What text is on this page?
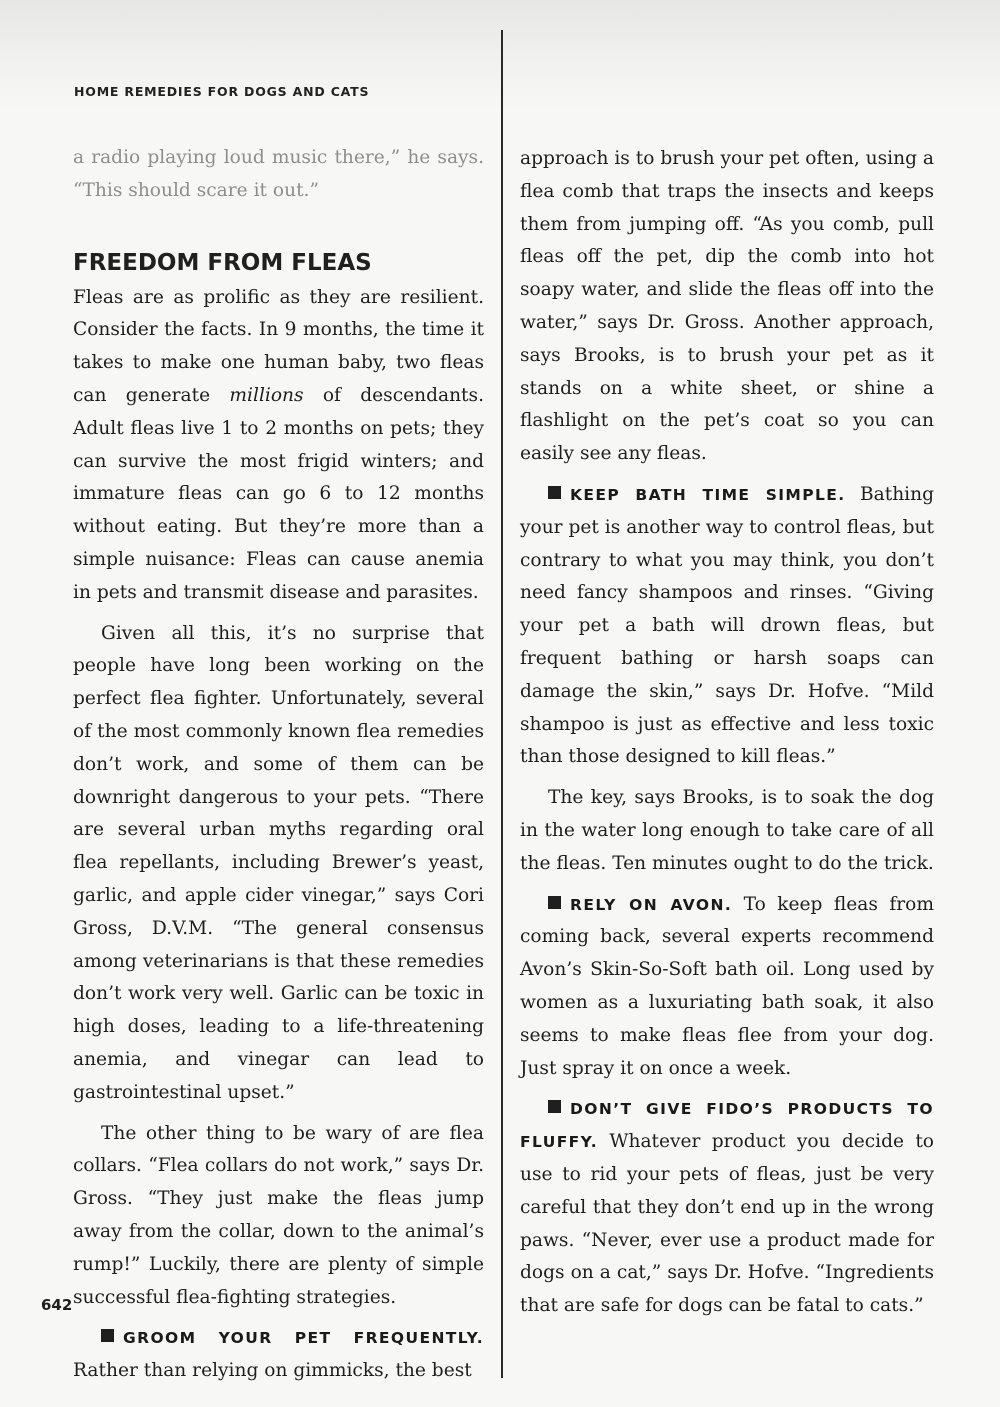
HOME REMEDIES FOR DOGS AND CATS

a radio playing loud music there,” he says. “This should scare it out.”

FREEDOM FROM FLEAS

Fleas are as prolific as they are resilient. Consider the facts. In 9 months, the time it takes to make one human baby, two fleas can generate millions of descendants. Adult fleas live 1 to 2 months on pets; they can survive the most frigid winters; and immature fleas can go 6 to 12 months without eating. But they’re more than a simple nuisance: Fleas can cause anemia in pets and transmit disease and parasites.

Given all this, it’s no surprise that people have long been working on the perfect flea fighter. Unfortunately, several of the most commonly known flea remedies don’t work, and some of them can be downright dangerous to your pets. “There are several urban myths regarding oral flea repellants, including Brewer’s yeast, garlic, and apple cider vinegar,” says Cori Gross, D.V.M. “The general consensus among veterinarians is that these remedies don’t work very well. Garlic can be toxic in high doses, leading to a life-threatening anemia, and vinegar can lead to gastrointestinal upset.”

The other thing to be wary of are flea collars. “Flea collars do not work,” says Dr. Gross. “They just make the fleas jump away from the collar, down to the animal’s rump!” Luckily, there are plenty of simple successful flea-fighting strategies.

GROOM YOUR PET FREQUENTLY. Rather than relying on gimmicks, the best

approach is to brush your pet often, using a flea comb that traps the insects and keeps them from jumping off. “As you comb, pull fleas off the pet, dip the comb into hot soapy water, and slide the fleas off into the water,” says Dr. Gross. Another approach, says Brooks, is to brush your pet as it stands on a white sheet, or shine a flashlight on the pet’s coat so you can easily see any fleas.

KEEP BATH TIME SIMPLE. Bathing your pet is another way to control fleas, but contrary to what you may think, you don’t need fancy shampoos and rinses. “Giving your pet a bath will drown fleas, but frequent bathing or harsh soaps can damage the skin,” says Dr. Hofve. “Mild shampoo is just as effective and less toxic than those designed to kill fleas.”

The key, says Brooks, is to soak the dog in the water long enough to take care of all the fleas. Ten minutes ought to do the trick.

RELY ON AVON. To keep fleas from coming back, several experts recommend Avon’s Skin-So-Soft bath oil. Long used by women as a luxuriating bath soak, it also seems to make fleas flee from your dog. Just spray it on once a week.

DON’T GIVE FIDO’S PRODUCTS TO FLUFFY. Whatever product you decide to use to rid your pets of fleas, just be very careful that they don’t end up in the wrong paws. “Never, ever use a product made for dogs on a cat,” says Dr. Hofve. “Ingredients that are safe for dogs can be fatal to cats.”

642
